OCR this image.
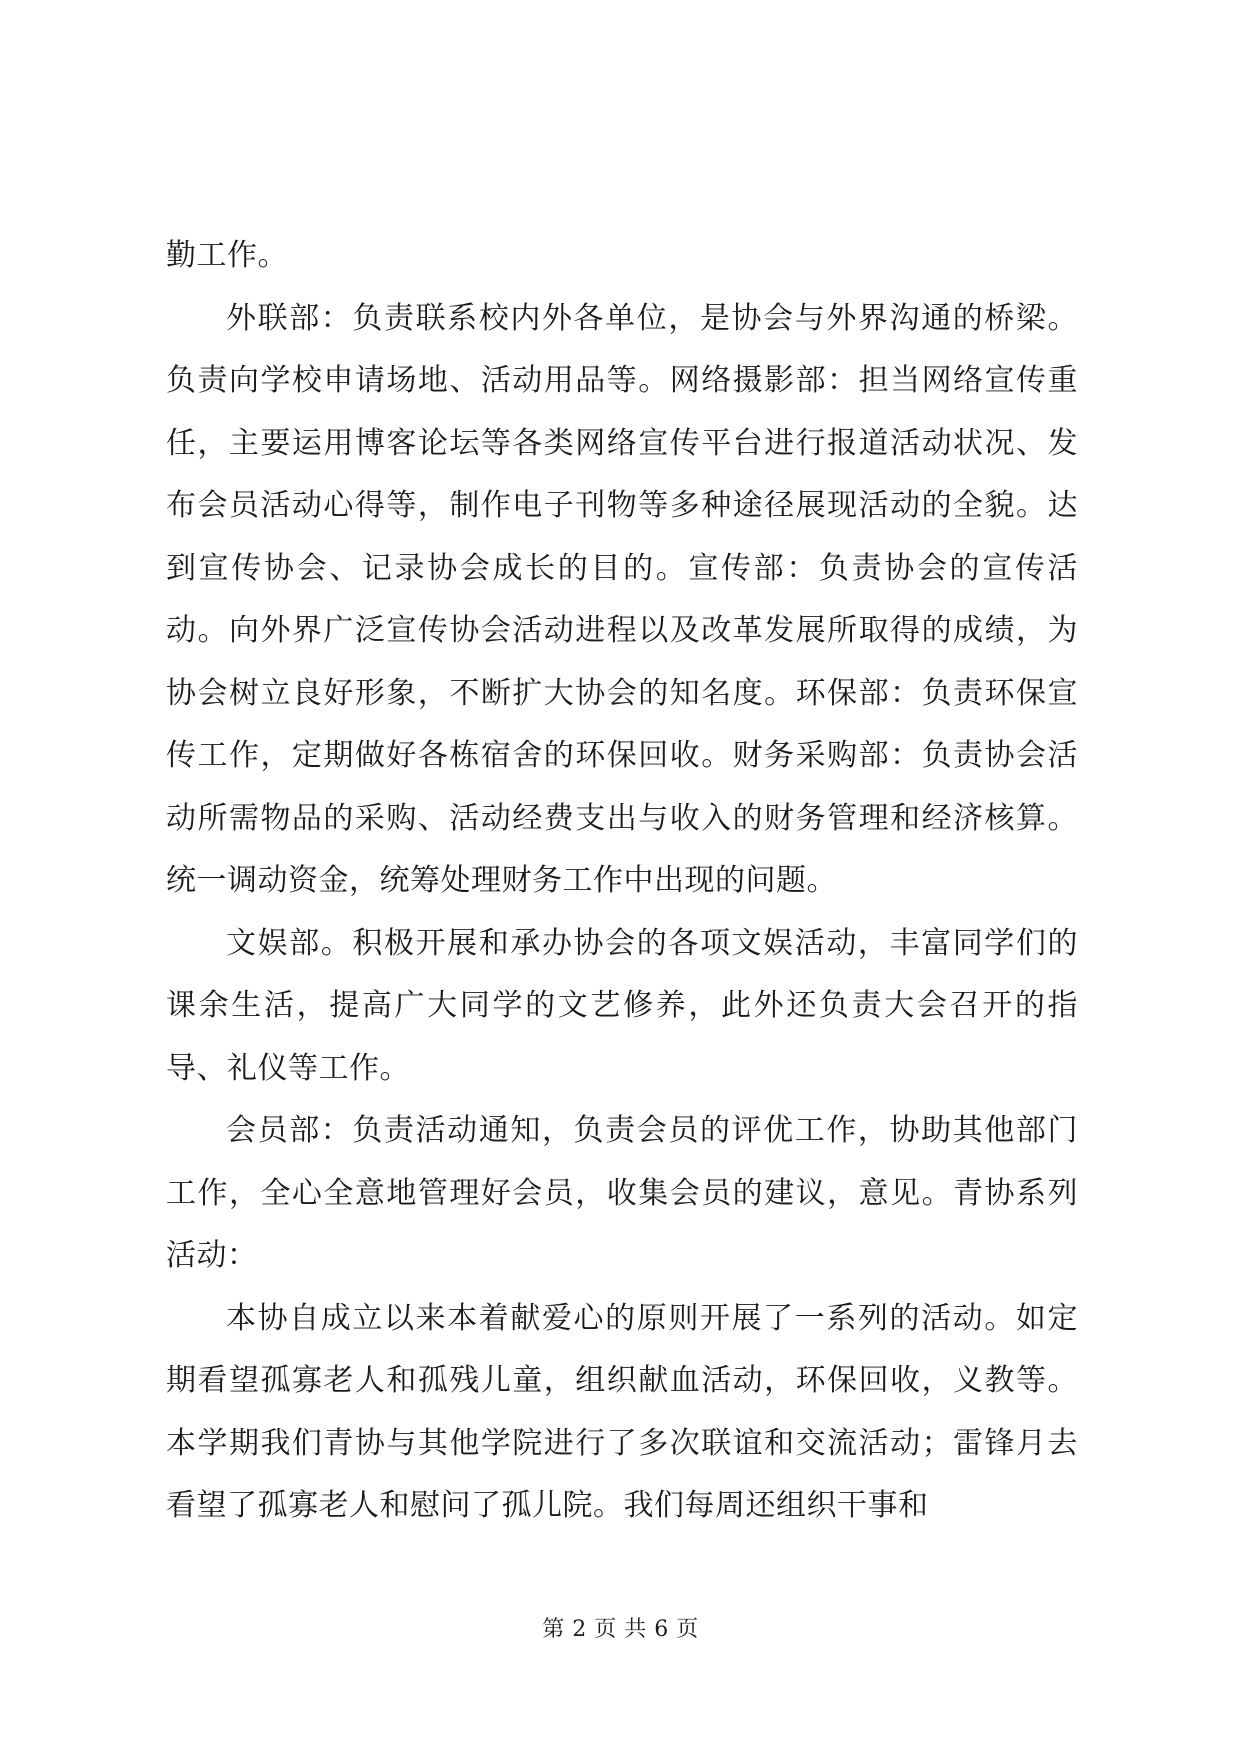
勤工作。

外联部：负责联系校内外各单位，是协会与外界沟通的桥梁。负责向学校申请场地、活动用品等。网络摄影部：担当网络宣传重任，主要运用博客论坛等各类网络宣传平台进行报道活动状况、发布会员活动心得等，制作电子刊物等多种途径展现活动的全貌。达到宣传协会、记录协会成长的目的。宣传部：负责协会的宣传活动。向外界广泛宣传协会活动进程以及改革发展所取得的成绩，为协会树立良好形象，不断扩大协会的知名度。环保部：负责环保宣传工作，定期做好各栋宿舍的环保回收。财务采购部：负责协会活动所需物品的采购、活动经费支出与收入的财务管理和经济核算。统一调动资金，统筹处理财务工作中出现的问题。

文娱部。积极开展和承办协会的各项文娱活动，丰富同学们的课余生活，提高广大同学的文艺修养，此外还负责大会召开的指导、礼仪等工作。

会员部：负责活动通知，负责会员的评优工作，协助其他部门工作，全心全意地管理好会员，收集会员的建议，意见。青协系列活动：

本协自成立以来本着献爱心的原则开展了一系列的活动。如定期看望孤寡老人和孤残儿童，组织献血活动，环保回收，义教等。本学期我们青协与其他学院进行了多次联谊和交流活动；雷锋月去看望了孤寡老人和慰问了孤儿院。我们每周还组织干事和

第 2 页 共 6 页
